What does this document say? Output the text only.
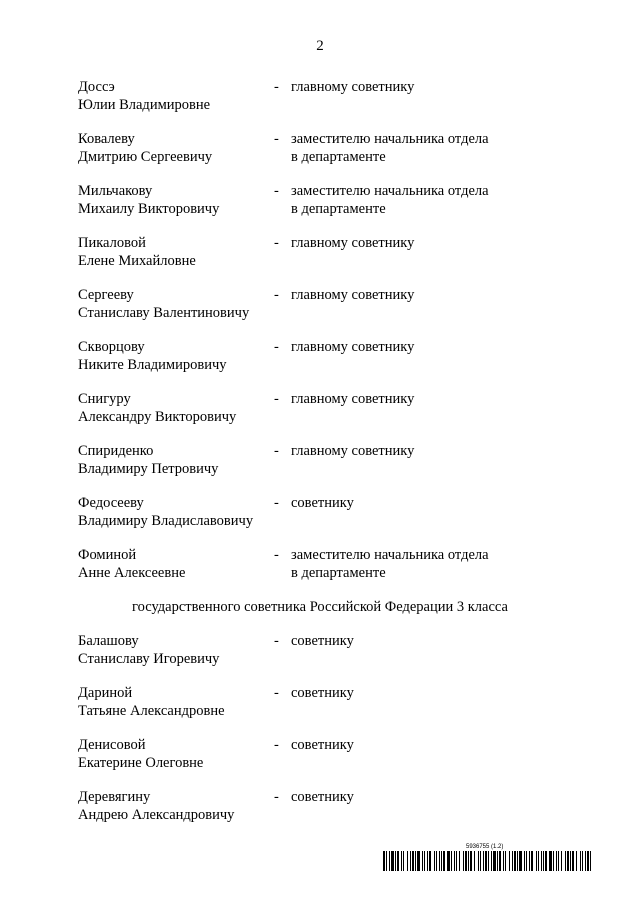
2
государственного советника Российской Федерации 3 класса
5936755 (1.2)
Доссэ
Юлии Владимировне
- главному советнику
Ковалеву
Дмитрию Сергеевичу
- заместителю начальника отдела
в департаменте
Мильчакову
Михаилу Викторовичу
- заместителю начальника отдела
в департаменте
Пикаловой
Елене Михайловне
- главному советнику
Сергееву
Станиславу Валентиновичу
- главному советнику
Скворцову
Никите Владимировичу
- главному советнику
Снигуру
Александру Викторовичу
- главному советнику
Спириденко
Владимиру Петровичу
- главному советнику
Федосееву
Владимиру Владиславовичу
- советнику
Фоминой
Анне Алексеевне
- заместителю начальника отдела
в департаменте
Балашову
Станиславу Игоревичу
- советнику
Дариной
Татьяне Александровне
- советнику
Денисовой
Екатерине Олеговне
- советнику
Деревягину
Андрею Александровичу
- советнику
